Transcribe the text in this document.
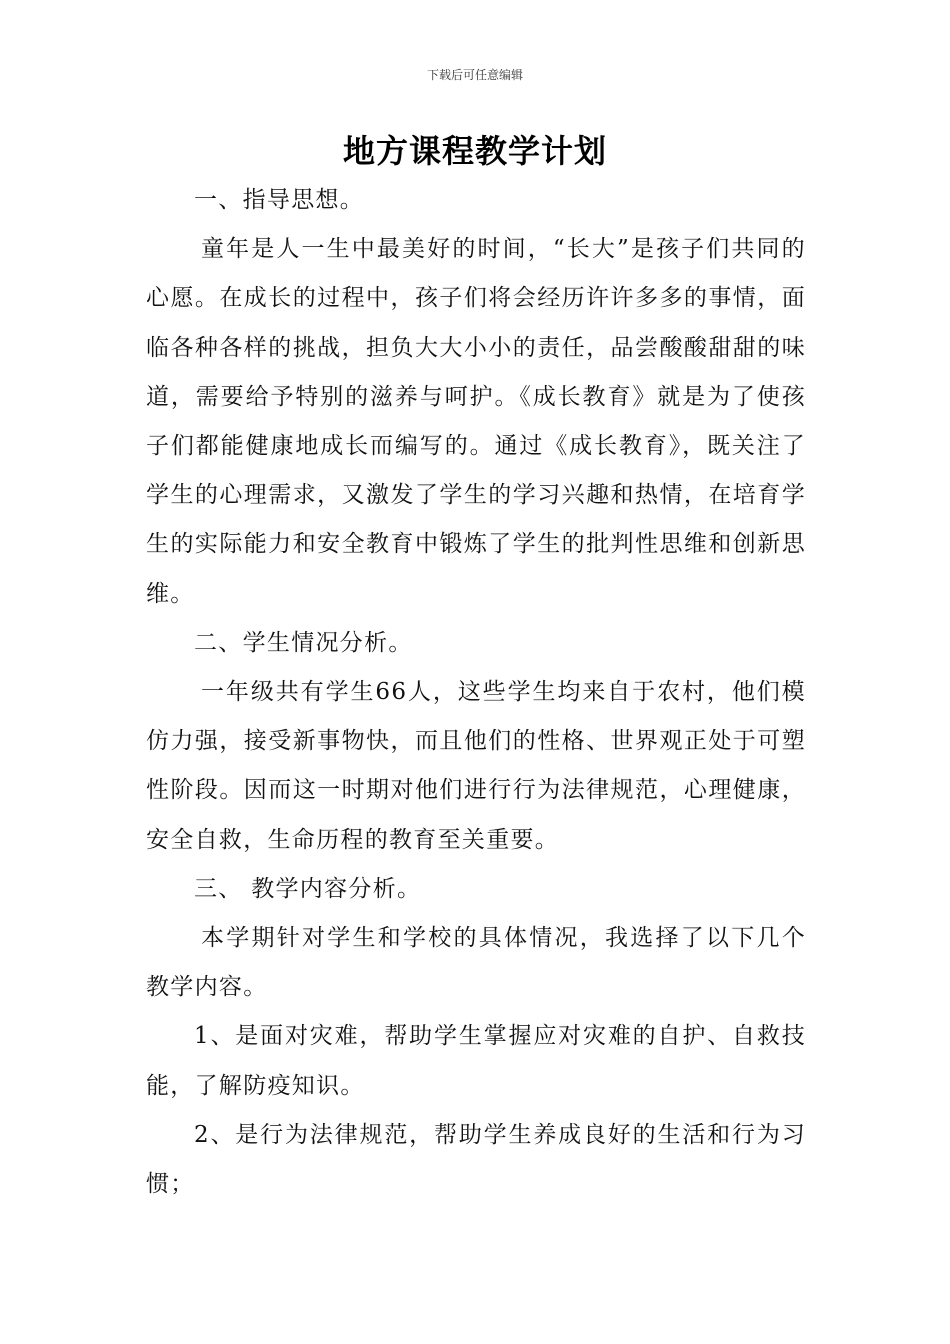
下载后可任意编辑
地方课程教学计划

一、指导思想。

童年是人一生中最美好的时间，“长大”是孩子们共同的心愿。在成长的过程中，孩子们将会经历许许多多的事情，面临各种各样的挑战，担负大大小小的责任，品尝酸酸甜甜的味道，需要给予特别的滋养与呵护。《成长教育》就是为了使孩子们都能健康地成长而编写的。通过《成长教育》，既关注了学生的心理需求，又激发了学生的学习兴趣和热情，在培育学生的实际能力和安全教育中锻炼了学生的批判性思维和创新思维。

二、学生情况分析。

一年级共有学生66人，这些学生均来自于农村，他们模仿力强，接受新事物快，而且他们的性格、世界观正处于可塑性阶段。因而这一时期对他们进行行为法律规范，心理健康，安全自救，生命历程的教育至关重要。

三、 教学内容分析。

本学期针对学生和学校的具体情况，我选择了以下几个教学内容。

1、是面对灾难，帮助学生掌握应对灾难的自护、自救技能，了解防疫知识。

2、是行为法律规范，帮助学生养成良好的生活和行为习惯；
